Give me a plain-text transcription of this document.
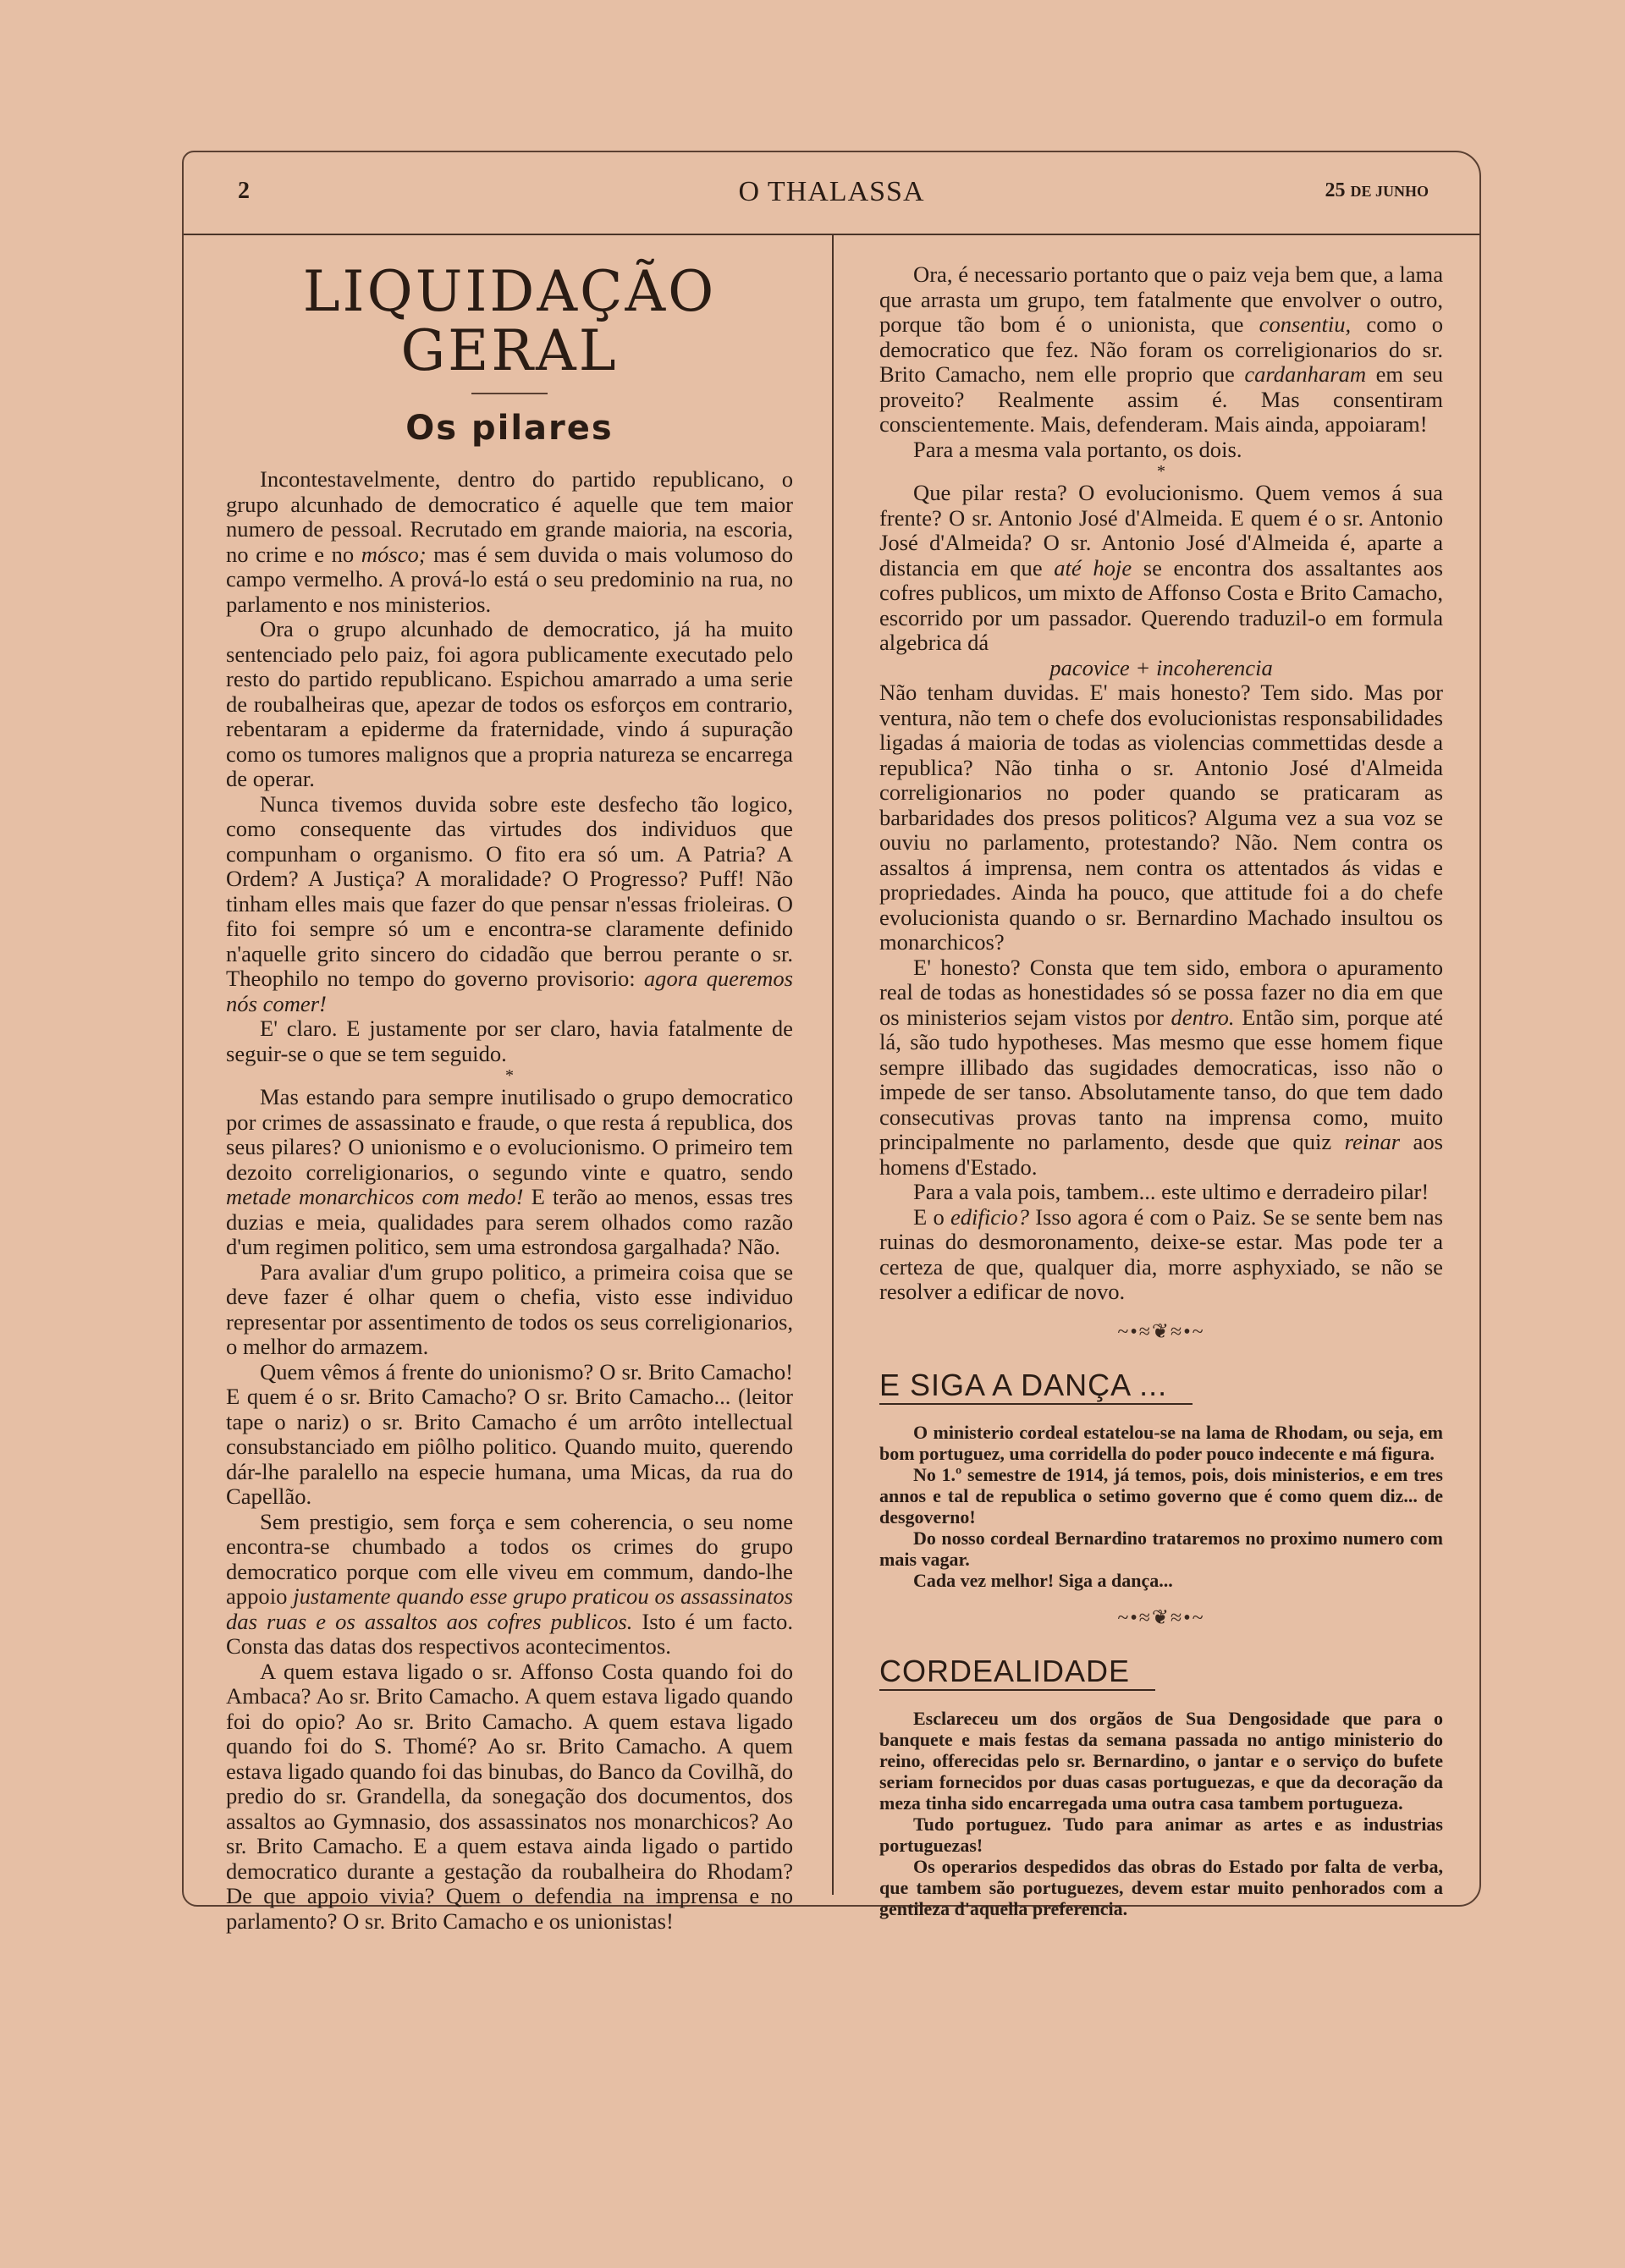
2	O THALASSA	25 DE JUNHO
LIQUIDAÇÃO GERAL
Os pilares

Incontestavelmente, dentro do partido republicano, o grupo alcunhado de democratico é aquelle que tem maior numero de pessoal. Recrutado em grande maioria, na escoria, no crime e no mósco; mas é sem duvida o mais volumoso do campo vermelho. A prová-lo está o seu predominio na rua, no parlamento e nos ministerios.

Ora o grupo alcunhado de democratico, já ha muito sentenciado pelo paiz, foi agora publicamente executado pelo resto do partido republicano. Espichou amarrado a uma serie de roubalheiras que, apezar de todos os esforços em contrario, rebentaram a epiderme da fraternidade, vindo á supuração como os tumores malignos que a propria natureza se encarrega de operar.

Nunca tivemos duvida sobre este desfecho tão logico, como consequente das virtudes dos individuos que compunham o organismo. O fito era só um. A Patria? A Ordem? A Justiça? A moralidade? O Progresso? Puff! Não tinham elles mais que fazer do que pensar n'essas frioleiras. O fito foi sempre só um e encontra-se claramente definido n'aquelle grito sincero do cidadão que berrou perante o sr. Theophilo no tempo do governo provisorio: agora queremos nós comer!

E' claro. E justamente por ser claro, havia fatalmente de seguir-se o que se tem seguido.

*

Mas estando para sempre inutilisado o grupo democratico por crimes de assassinato e fraude, o que resta á republica, dos seus pilares? O unionismo e o evolucionismo. O primeiro tem dezoito correligionarios, o segundo vinte e quatro, sendo metade monarchicos com medo! E terão ao menos, essas tres duzias e meia, qualidades para serem olhados como razão d'um regimen politico, sem uma estrondosa gargalhada? Não.

Para avaliar d'um grupo politico, a primeira coisa que se deve fazer é olhar quem o chefia, visto esse individuo representar por assentimento de todos os seus correligionarios, o melhor do armazem.

Quem vêmos á frente do unionismo? O sr. Brito Camacho! E quem é o sr. Brito Camacho? O sr. Brito Camacho... (leitor tape o nariz) o sr. Brito Camacho é um arrôto intellectual consubstanciado em piôlho politico. Quando muito, querendo dár-lhe paralello na especie humana, uma Micas, da rua do Capellão.

Sem prestigio, sem força e sem coherencia, o seu nome encontra-se chumbado a todos os crimes do grupo democratico porque com elle viveu em commum, dando-lhe appoio justamente quando esse grupo praticou os assassinatos das ruas e os assaltos aos cofres publicos. Isto é um facto. Consta das datas dos respectivos acontecimentos.

A quem estava ligado o sr. Affonso Costa quando foi do Ambaca? Ao sr. Brito Camacho. A quem estava ligado quando foi do opio? Ao sr. Brito Camacho. A quem estava ligado quando foi do S. Thomé? Ao sr. Brito Camacho. A quem estava ligado quando foi das binubas, do Banco da Covilhã, do predio do sr. Grandella, da sonegação dos documentos, dos assaltos ao Gymnasio, dos assassinatos nos monarchicos? Ao sr. Brito Camacho. E a quem estava ainda ligado o partido democratico durante a gestação da roubalheira do Rhodam? De que appoio vivia? Quem o defendia na imprensa e no parlamento? O sr. Brito Camacho e os unionistas!

Ora, é necessario portanto que o paiz veja bem que, a lama que arrasta um grupo, tem fatalmente que envolver o outro, porque tão bom é o unionista, que consentiu, como o democratico que fez. Não foram os correligionarios do sr. Brito Camacho, nem elle proprio que cardanharam em seu proveito? Realmente assim é. Mas consentiram conscientemente. Mais, defenderam. Mais ainda, appoiaram!

Para a mesma vala portanto, os dois.

*

Que pilar resta? O evolucionismo. Quem vemos á sua frente? O sr. Antonio José d'Almeida. E quem é o sr. Antonio José d'Almeida? O sr. Antonio José d'Almeida é, aparte a distancia em que até hoje se encontra dos assaltantes aos cofres publicos, um mixto de Affonso Costa e Brito Camacho, escorrido por um passador. Querendo traduzil-o em formula algebrica dá

pacovice + incoherencia

Não tenham duvidas. E' mais honesto? Tem sido. Mas por ventura, não tem o chefe dos evolucionistas responsabilidades ligadas á maioria de todas as violencias commettidas desde a republica? Não tinha o sr. Antonio José d'Almeida correligionarios no poder quando se praticaram as barbaridades dos presos politicos? Alguma vez a sua voz se ouviu no parlamento, protestando? Não. Nem contra os assaltos á imprensa, nem contra os attentados ás vidas e propriedades. Ainda ha pouco, que attitude foi a do chefe evolucionista quando o sr. Bernardino Machado insultou os monarchicos?

E' honesto? Consta que tem sido, embora o apuramento real de todas as honestidades só se possa fazer no dia em que os ministerios sejam vistos por dentro. Então sim, porque até lá, são tudo hypotheses. Mas mesmo que esse homem fique sempre illibado das sugidades democraticas, isso não o impede de ser tanso. Absolutamente tanso, do que tem dado consecutivas provas tanto na imprensa como, muito principalmente no parlamento, desde que quiz reinar aos homens d'Estado.

Para a vala pois, tambem... este ultimo e derradeiro pilar!

E o edificio? Isso agora é com o Paiz. Se se sente bem nas ruinas do desmoronamento, deixe-se estar. Mas pode ter a certeza de que, qualquer dia, morre asphyxiado, se não se resolver a edificar de novo.

~•≈❦≈•~
E SIGA A DANÇA ...

O ministerio cordeal estatelou-se na lama de Rhodam, ou seja, em bom portuguez, uma corridella do poder pouco indecente e má figura.

No 1.º semestre de 1914, já temos, pois, dois ministerios, e em tres annos e tal de republica o setimo governo que é como quem diz... de desgoverno!

Do nosso cordeal Bernardino trataremos no proximo numero com mais vagar.

Cada vez melhor! Siga a dança...

~•≈❦≈•~
CORDEALIDADE

Esclareceu um dos orgãos de Sua Dengosidade que para o banquete e mais festas da semana passada no antigo ministerio do reino, offerecidas pelo sr. Bernardino, o jantar e o serviço do bufete seriam fornecidos por duas casas portuguezas, e que da decoração da meza tinha sido encarregada uma outra casa tambem portugueza.

Tudo portuguez. Tudo para animar as artes e as industrias portuguezas!

Os operarios despedidos das obras do Estado por falta de verba, que tambem são portuguezes, devem estar muito penhorados com a gentileza d'aquella preferencia.
